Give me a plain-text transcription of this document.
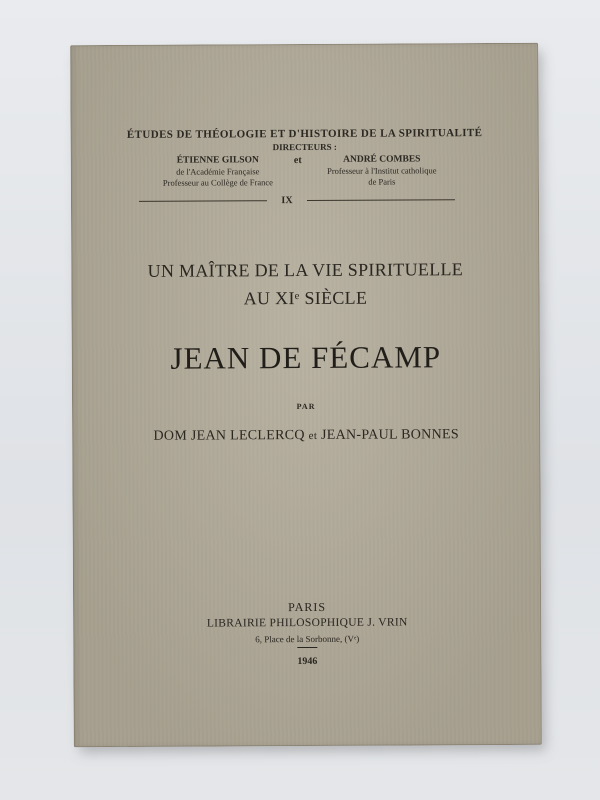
ÉTUDES DE THÉOLOGIE ET D'HISTOIRE DE LA SPIRITUALITÉ
DIRECTEURS :
ÉTIENNE GILSON
de l'Académie Française
Professeur au Collège de France
et	ANDRÉ COMBES
Professeur à l'Institut catholique
de Paris
IX
UN MAÎTRE DE LA VIE SPIRITUELLE
AU XIᵉ SIÈCLE
JEAN DE FÉCAMP
PAR
DOM JEAN LECLERCQ et JEAN-PAUL BONNES
PARIS
LIBRAIRIE PHILOSOPHIQUE J. VRIN
6, Place de la Sorbonne, (Vᵉ)
1946
